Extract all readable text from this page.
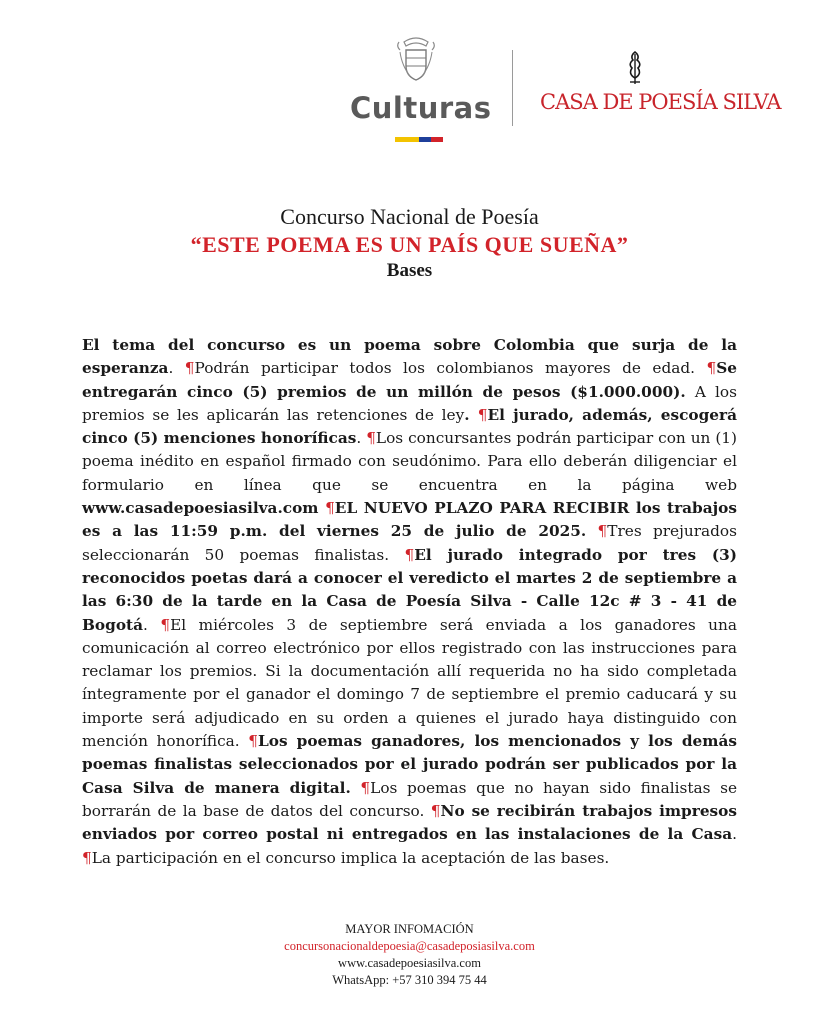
Culturas CASA DE POESÍA SILVA
Concurso Nacional de Poesía
“ESTE POEMA ES UN PAÍS QUE SUEÑA”
Bases
El tema del concurso es un poema sobre Colombia que surja de la esperanza. ¶Podrán participar todos los colombianos mayores de edad. ¶Se entregarán cinco (5) premios de un millón de pesos ($1.000.000). A los premios se les aplicarán las retenciones de ley. ¶El jurado, además, escogerá cinco (5) menciones honoríficas. ¶Los concursantes podrán participar con un (1) poema inédito en español firmado con seudónimo. Para ello deberán diligenciar el formulario en línea que se encuentra en la página web www.casadepoesiasilva.com ¶EL NUEVO PLAZO PARA RECIBIR los trabajos es a las 11:59 p.m. del viernes 25 de julio de 2025. ¶Tres prejurados seleccionarán 50 poemas finalistas. ¶El jurado integrado por tres (3) reconocidos poetas dará a conocer el veredicto el martes 2 de septiembre a las 6:30 de la tarde en la Casa de Poesía Silva - Calle 12c # 3 - 41 de Bogotá. ¶El miércoles 3 de septiembre será enviada a los ganadores una comunicación al correo electrónico por ellos registrado con las instrucciones para reclamar los premios. Si la documentación allí requerida no ha sido completada íntegramente por el ganador el domingo 7 de septiembre el premio caducará y su importe será adjudicado en su orden a quienes el jurado haya distinguido con mención honorífica. ¶Los poemas ganadores, los mencionados y los demás poemas finalistas seleccionados por el jurado podrán ser publicados por la Casa Silva de manera digital. ¶Los poemas que no hayan sido finalistas se borrarán de la base de datos del concurso. ¶No se recibirán trabajos impresos enviados por correo postal ni entregados en las instalaciones de la Casa. ¶La participación en el concurso implica la aceptación de las bases.
MAYOR INFOMACIÓN
concursonacionaldepoesia@casadeposiasilva.com
www.casadepoesiasilva.com
WhatsApp: +57 310 394 75 44
